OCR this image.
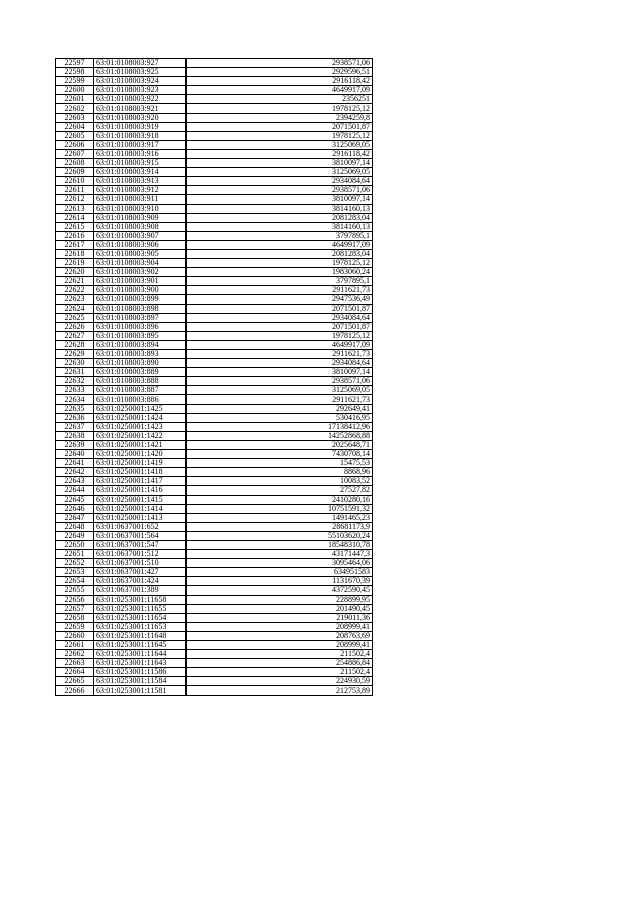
22597	63:01:0108003:927	2938571,06
22598	63:01:0108003:925	2929596,51
22599	63:01:0108003:924	2916118,42
22600	63:01:0108003:923	4649917,09
22601	63:01:0108003:922	2356251
22602	63:01:0108003:921	1978125,12
22603	63:01:0108003:920	2394259,8
22604	63:01:0108003:919	2071501,87
22605	63:01:0108003:918	1978125,12
22606	63:01:0108003:917	3125069,05
22607	63:01:0108003:916	2916118,42
22608	63:01:0108003:915	3810097,14
22609	63:01:0108003:914	3125069,05
22610	63:01:0108003:913	2934084,64
22611	63:01:0108003:912	2938571,06
22612	63:01:0108003:911	3810097,14
22613	63:01:0108003:910	3814160,13
22614	63:01:0108003:909	2081283,04
22615	63:01:0108003:908	3814160,13
22616	63:01:0108003:907	3797895,1
22617	63:01:0108003:906	4649917,09
22618	63:01:0108003:905	2081283,04
22619	63:01:0108003:904	1978125,12
22620	63:01:0108003:902	1983060,24
22621	63:01:0108003:901	3797895,1
22622	63:01:0108003:900	2911621,73
22623	63:01:0108003:899	2947536,49
22624	63:01:0108003:898	2071501,87
22625	63:01:0108003:897	2934084,64
22626	63:01:0108003:896	2071501,87
22627	63:01:0108003:895	1978125,12
22628	63:01:0108003:894	4649917,09
22629	63:01:0108003:893	2911621,73
22630	63:01:0108003:890	2934084,64
22631	63:01:0108003:889	3810097,14
22632	63:01:0108003:888	2938571,06
22633	63:01:0108003:887	3125069,05
22634	63:01:0108003:886	2911621,73
22635	63:01:0250001:1425	292649,41
22636	63:01:0250001:1424	530416,95
22637	63:01:0250001:1423	17138412,96
22638	63:01:0250001:1422	14252868,88
22639	63:01:0250001:1421	2025648,71
22640	63:01:0250001:1420	7430708,14
22641	63:01:0250001:1419	15475,53
22642	63:01:0250001:1418	8868,96
22643	63:01:0250001:1417	10083,52
22644	63:01:0250001:1416	27527,82
22645	63:01:0250001:1415	2410280,16
22646	63:01:0250001:1414	10751591,32
22647	63:01:0250001:1413	1491465,23
22648	63:01:0637001:652	28681173,9
22649	63:01:0637001:564	55103620,24
22650	63:01:0637001:547	18548310,78
22651	63:01:0637001:512	43171447,3
22652	63:01:0637001:510	3095464,06
22653	63:01:0637001:427	634951583
22654	63:01:0637001:424	1131670,39
22655	63:01:0637001:389	4372590,45
22656	63:01:0253001:11658	228899,95
22657	63:01:0253001:11655	201490,45
22658	63:01:0253001:11654	219011,36
22659	63:01:0253001:11653	208999,41
22660	63:01:0253001:11648	208763,69
22661	63:01:0253001:11645	208999,41
22662	63:01:0253001:11644	211502,4
22663	63:01:0253001:11643	254886,84
22664	63:01:0253001:11586	211502,4
22665	63:01:0253001:11584	224930,59
22666	63:01:0253001:11581	212753,89
